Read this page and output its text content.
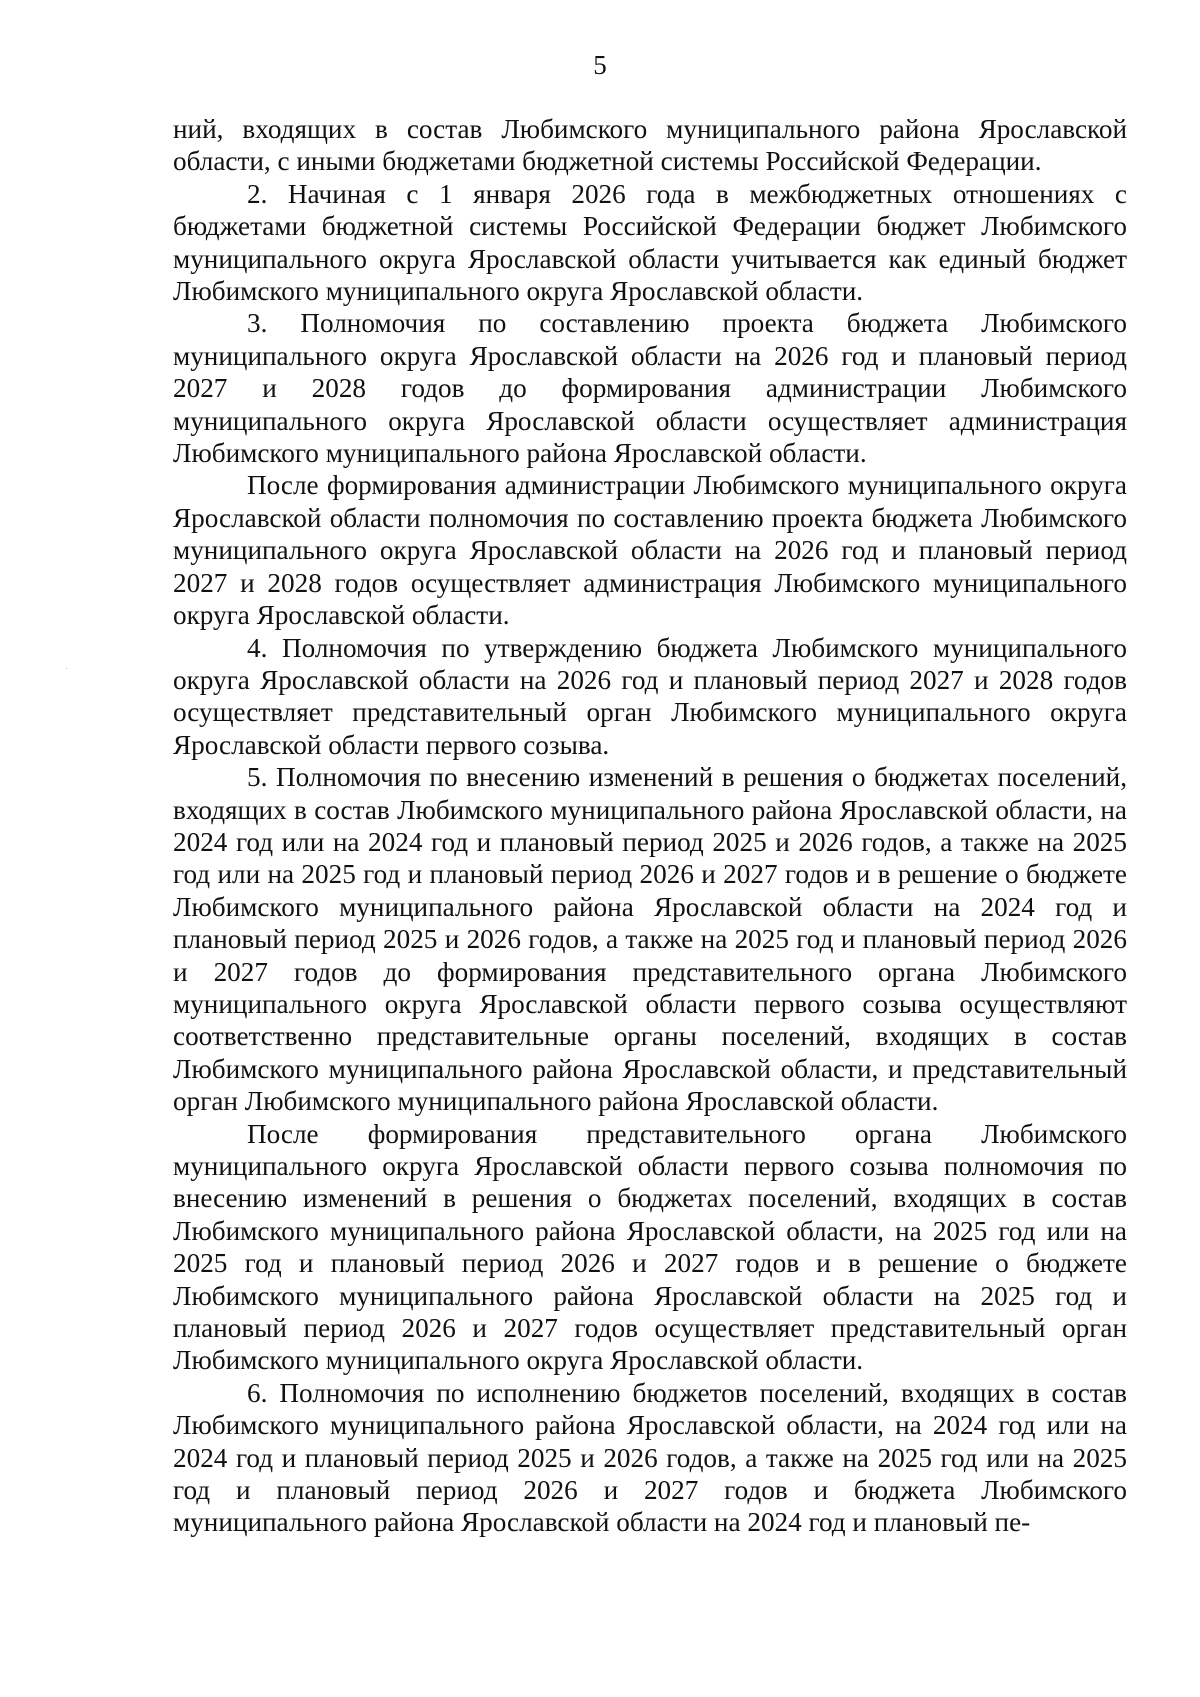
5

ний, входящих в состав Любимского муниципального района Ярославской области, с иными бюджетами бюджетной системы Российской Федерации.

2. Начиная с 1 января 2026 года в межбюджетных отношениях с бюджетами бюджетной системы Российской Федерации бюджет Любимского муниципального округа Ярославской области учитывается как единый бюджет Любимского муниципального округа Ярославской области.

3. Полномочия по составлению проекта бюджета Любимского муниципального округа Ярославской области на 2026 год и плановый период 2027 и 2028 годов до формирования администрации Любимского муниципального округа Ярославской области осуществляет администрация Любимского муниципального района Ярославской области.

После формирования администрации Любимского муниципального округа Ярославской области полномочия по составлению проекта бюджета Любимского муниципального округа Ярославской области на 2026 год и плановый период 2027 и 2028 годов осуществляет администрация Любимского муниципального округа Ярославской области.

4. Полномочия по утверждению бюджета Любимского муниципального округа Ярославской области на 2026 год и плановый период 2027 и 2028 годов осуществляет представительный орган Любимского муниципального округа Ярославской области первого созыва.

5. Полномочия по внесению изменений в решения о бюджетах поселений, входящих в состав Любимского муниципального района Ярославской области, на 2024 год или на 2024 год и плановый период 2025 и 2026 годов, а также на 2025 год или на 2025 год и плановый период 2026 и 2027 годов и в решение о бюджете Любимского муниципального района Ярославской области на 2024 год и плановый период 2025 и 2026 годов, а также на 2025 год и плановый период 2026 и 2027 годов до формирования представительного органа Любимского муниципального округа Ярославской области первого созыва осуществляют соответственно представительные органы поселений, входящих в состав Любимского муниципального района Ярославской области, и представительный орган Любимского муниципального района Ярославской области.

После формирования представительного органа Любимского муниципального округа Ярославской области первого созыва полномочия по внесению изменений в решения о бюджетах поселений, входящих в состав Любимского муниципального района Ярославской области, на 2025 год или на 2025 год и плановый период 2026 и 2027 годов и в решение о бюджете Любимского муниципального района Ярославской области на 2025 год и плановый период 2026 и 2027 годов осуществляет представительный орган Любимского муниципального округа Ярославской области.

6. Полномочия по исполнению бюджетов поселений, входящих в состав Любимского муниципального района Ярославской области, на 2024 год или на 2024 год и плановый период 2025 и 2026 годов, а также на 2025 год или на 2025 год и плановый период 2026 и 2027 годов и бюджета Любимского муниципального района Ярославской области на 2024 год и плановый пе-
